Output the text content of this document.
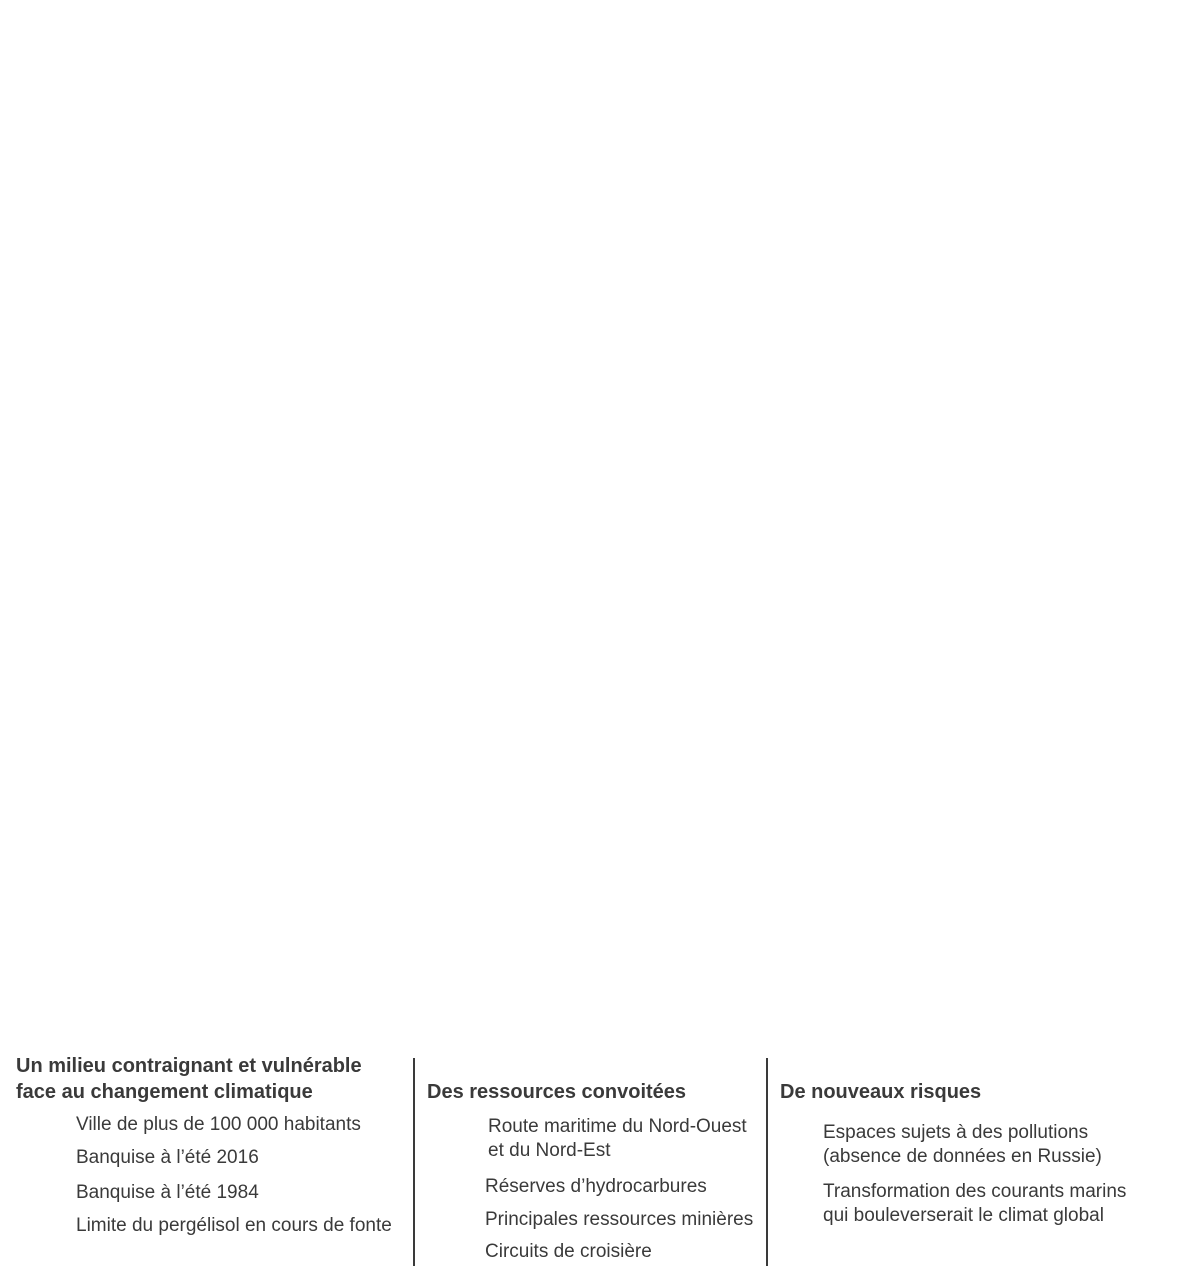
Un milieu contraignant et vulnérable
face au changement climatique
Ville de plus de 100 000 habitants
Banquise à l’été 2016
Banquise à l’été 1984
Limite du pergélisol en cours de fonte
Des ressources convoitées
Route maritime du Nord-Ouest
et du Nord-Est
Réserves d’hydrocarbures
Principales ressources minières
Circuits de croisière
De nouveaux risques
Espaces sujets à des pollutions
(absence de données en Russie)
Transformation des courants marins
qui bouleverserait le climat global
